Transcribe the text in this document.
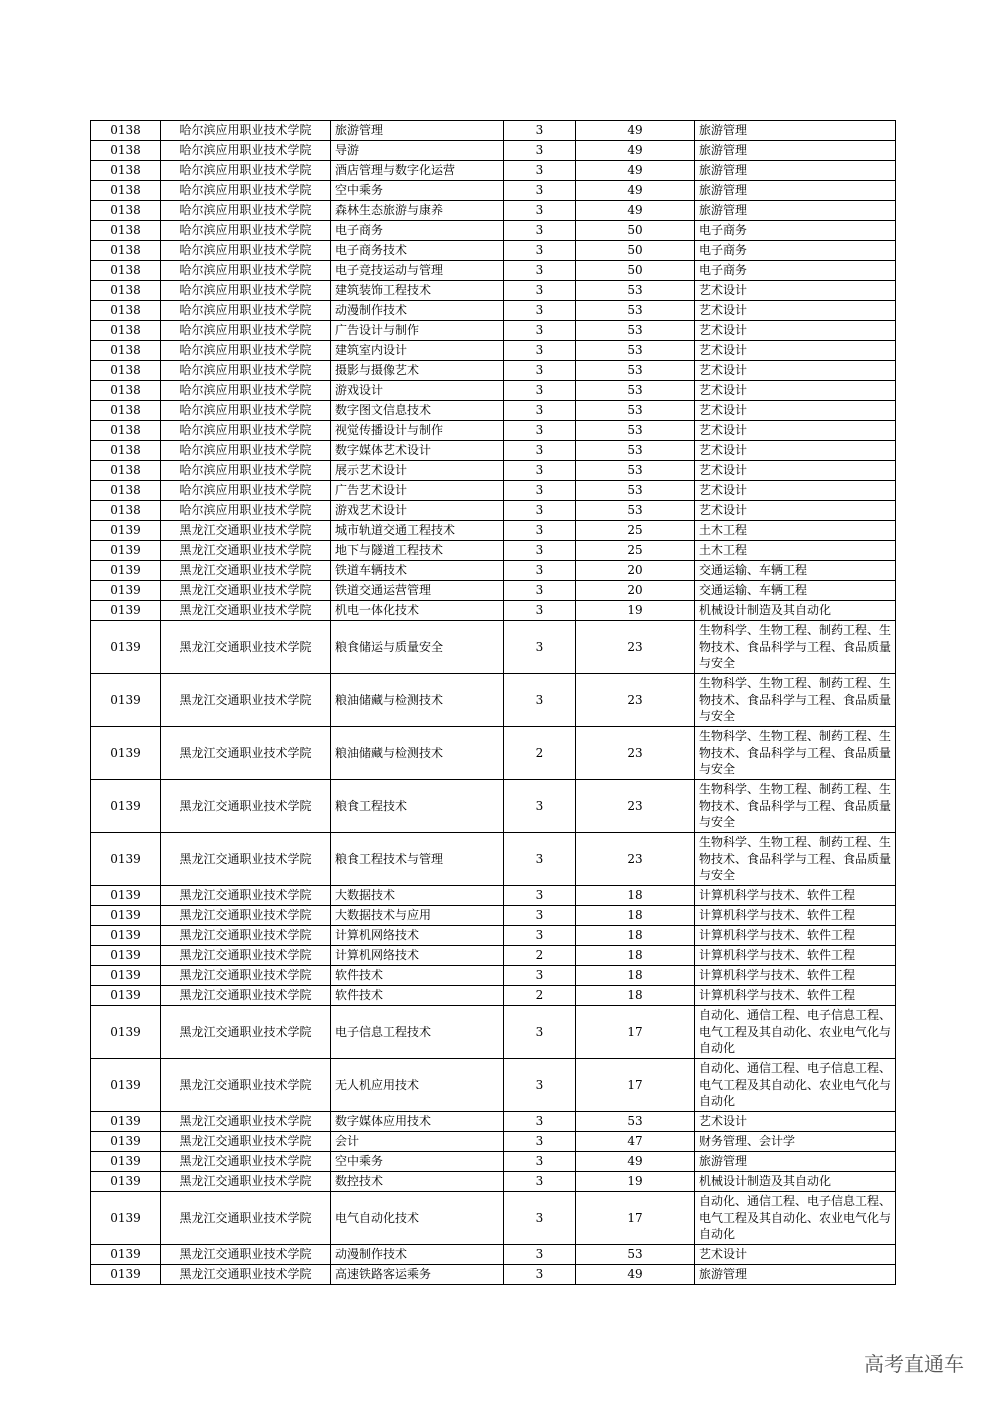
0138	哈尔滨应用职业技术学院	旅游管理	3	49	旅游管理
0138	哈尔滨应用职业技术学院	导游	3	49	旅游管理
0138	哈尔滨应用职业技术学院	酒店管理与数字化运营	3	49	旅游管理
0138	哈尔滨应用职业技术学院	空中乘务	3	49	旅游管理
0138	哈尔滨应用职业技术学院	森林生态旅游与康养	3	49	旅游管理
0138	哈尔滨应用职业技术学院	电子商务	3	50	电子商务
0138	哈尔滨应用职业技术学院	电子商务技术	3	50	电子商务
0138	哈尔滨应用职业技术学院	电子竞技运动与管理	3	50	电子商务
0138	哈尔滨应用职业技术学院	建筑装饰工程技术	3	53	艺术设计
0138	哈尔滨应用职业技术学院	动漫制作技术	3	53	艺术设计
0138	哈尔滨应用职业技术学院	广告设计与制作	3	53	艺术设计
0138	哈尔滨应用职业技术学院	建筑室内设计	3	53	艺术设计
0138	哈尔滨应用职业技术学院	摄影与摄像艺术	3	53	艺术设计
0138	哈尔滨应用职业技术学院	游戏设计	3	53	艺术设计
0138	哈尔滨应用职业技术学院	数字图文信息技术	3	53	艺术设计
0138	哈尔滨应用职业技术学院	视觉传播设计与制作	3	53	艺术设计
0138	哈尔滨应用职业技术学院	数字媒体艺术设计	3	53	艺术设计
0138	哈尔滨应用职业技术学院	展示艺术设计	3	53	艺术设计
0138	哈尔滨应用职业技术学院	广告艺术设计	3	53	艺术设计
0138	哈尔滨应用职业技术学院	游戏艺术设计	3	53	艺术设计
0139	黑龙江交通职业技术学院	城市轨道交通工程技术	3	25	土木工程
0139	黑龙江交通职业技术学院	地下与隧道工程技术	3	25	土木工程
0139	黑龙江交通职业技术学院	铁道车辆技术	3	20	交通运输、车辆工程
0139	黑龙江交通职业技术学院	铁道交通运营管理	3	20	交通运输、车辆工程
0139	黑龙江交通职业技术学院	机电一体化技术	3	19	机械设计制造及其自动化
0139	黑龙江交通职业技术学院	粮食储运与质量安全	3	23	生物科学、生物工程、制药工程、生物技术、食品科学与工程、食品质量与安全
0139	黑龙江交通职业技术学院	粮油储藏与检测技术	3	23	生物科学、生物工程、制药工程、生物技术、食品科学与工程、食品质量与安全
0139	黑龙江交通职业技术学院	粮油储藏与检测技术	2	23	生物科学、生物工程、制药工程、生物技术、食品科学与工程、食品质量与安全
0139	黑龙江交通职业技术学院	粮食工程技术	3	23	生物科学、生物工程、制药工程、生物技术、食品科学与工程、食品质量与安全
0139	黑龙江交通职业技术学院	粮食工程技术与管理	3	23	生物科学、生物工程、制药工程、生物技术、食品科学与工程、食品质量与安全
0139	黑龙江交通职业技术学院	大数据技术	3	18	计算机科学与技术、软件工程
0139	黑龙江交通职业技术学院	大数据技术与应用	3	18	计算机科学与技术、软件工程
0139	黑龙江交通职业技术学院	计算机网络技术	3	18	计算机科学与技术、软件工程
0139	黑龙江交通职业技术学院	计算机网络技术	2	18	计算机科学与技术、软件工程
0139	黑龙江交通职业技术学院	软件技术	3	18	计算机科学与技术、软件工程
0139	黑龙江交通职业技术学院	软件技术	2	18	计算机科学与技术、软件工程
0139	黑龙江交通职业技术学院	电子信息工程技术	3	17	自动化、通信工程、电子信息工程、电气工程及其自动化、农业电气化与自动化
0139	黑龙江交通职业技术学院	无人机应用技术	3	17	自动化、通信工程、电子信息工程、电气工程及其自动化、农业电气化与自动化
0139	黑龙江交通职业技术学院	数字媒体应用技术	3	53	艺术设计
0139	黑龙江交通职业技术学院	会计	3	47	财务管理、会计学
0139	黑龙江交通职业技术学院	空中乘务	3	49	旅游管理
0139	黑龙江交通职业技术学院	数控技术	3	19	机械设计制造及其自动化
0139	黑龙江交通职业技术学院	电气自动化技术	3	17	自动化、通信工程、电子信息工程、电气工程及其自动化、农业电气化与自动化
0139	黑龙江交通职业技术学院	动漫制作技术	3	53	艺术设计
0139	黑龙江交通职业技术学院	高速铁路客运乘务	3	49	旅游管理
高考直通车
